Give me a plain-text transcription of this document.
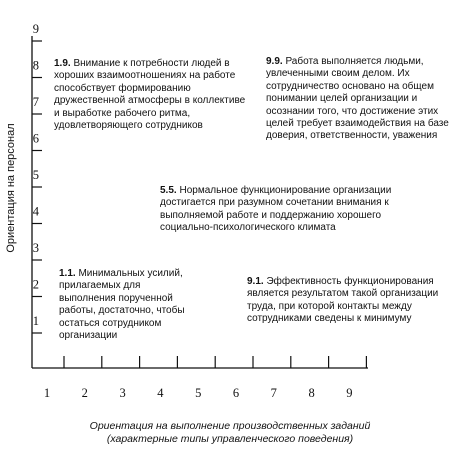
1
2
3
4
5
6
7
8
9
1	2	3	4	5	6	7	8	9
Ориентация на персонал
1.9. Внимание к потребности людей в хороших взаимоотношениях на работе способствует формированию дружественной атмосферы в коллективе и выработке рабочего ритма, удовлетворяющего сотрудников
9.9. Работа выполняется людьми, увлеченными своим делом. Их сотрудничество основано на общем понимании целей организации и осознании того, что достижение этих целей требует взаимодействия на базе доверия, ответственности, уважения
5.5. Нормальное функционирование организации достигается при разумном сочетании внимания к выполняемой работе и поддержанию хорошего социально-психологического климата
1.1. Минимальных усилий, прилагаемых для выполнения порученной работы, достаточно, чтобы остаться сотрудником организации
9.1. Эффективность функционирования является результатом такой организации труда, при которой контакты между сотрудниками сведены к минимуму
Ориентация на выполнение производственных заданий
(характерные типы управленческого поведения)
